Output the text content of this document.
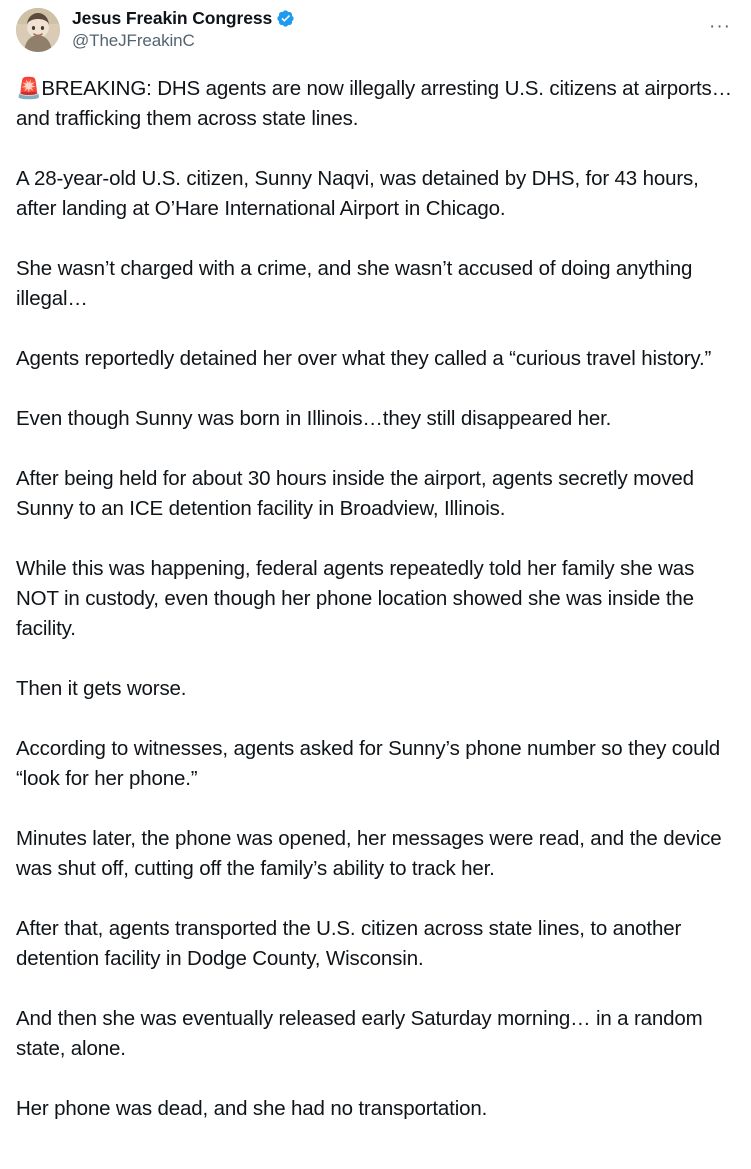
Jesus Freakin Congress
@TheJFreakinC
···

🚨BREAKING: DHS agents are now illegally arresting U.S. citizens at airports… and trafficking them across state lines.

A 28-year-old U.S. citizen, Sunny Naqvi, was detained by DHS, for 43 hours, after landing at O’Hare International Airport in Chicago.

She wasn’t charged with a crime, and she wasn’t accused of doing anything illegal…

Agents reportedly detained her over what they called a “curious travel history.”

Even though Sunny was born in Illinois…they still disappeared her.

After being held for about 30 hours inside the airport, agents secretly moved Sunny to an ICE detention facility in Broadview, Illinois.

While this was happening, federal agents repeatedly told her family she was NOT in custody, even though her phone location showed she was inside the facility.

Then it gets worse.

According to witnesses, agents asked for Sunny’s phone number so they could “look for her phone.”

Minutes later, the phone was opened, her messages were read, and the device was shut off, cutting off the family’s ability to track her.

After that, agents transported the U.S. citizen across state lines, to another detention facility in Dodge County, Wisconsin.

And then she was eventually released early Saturday morning… in a random state, alone.

Her phone was dead, and she had no transportation.
